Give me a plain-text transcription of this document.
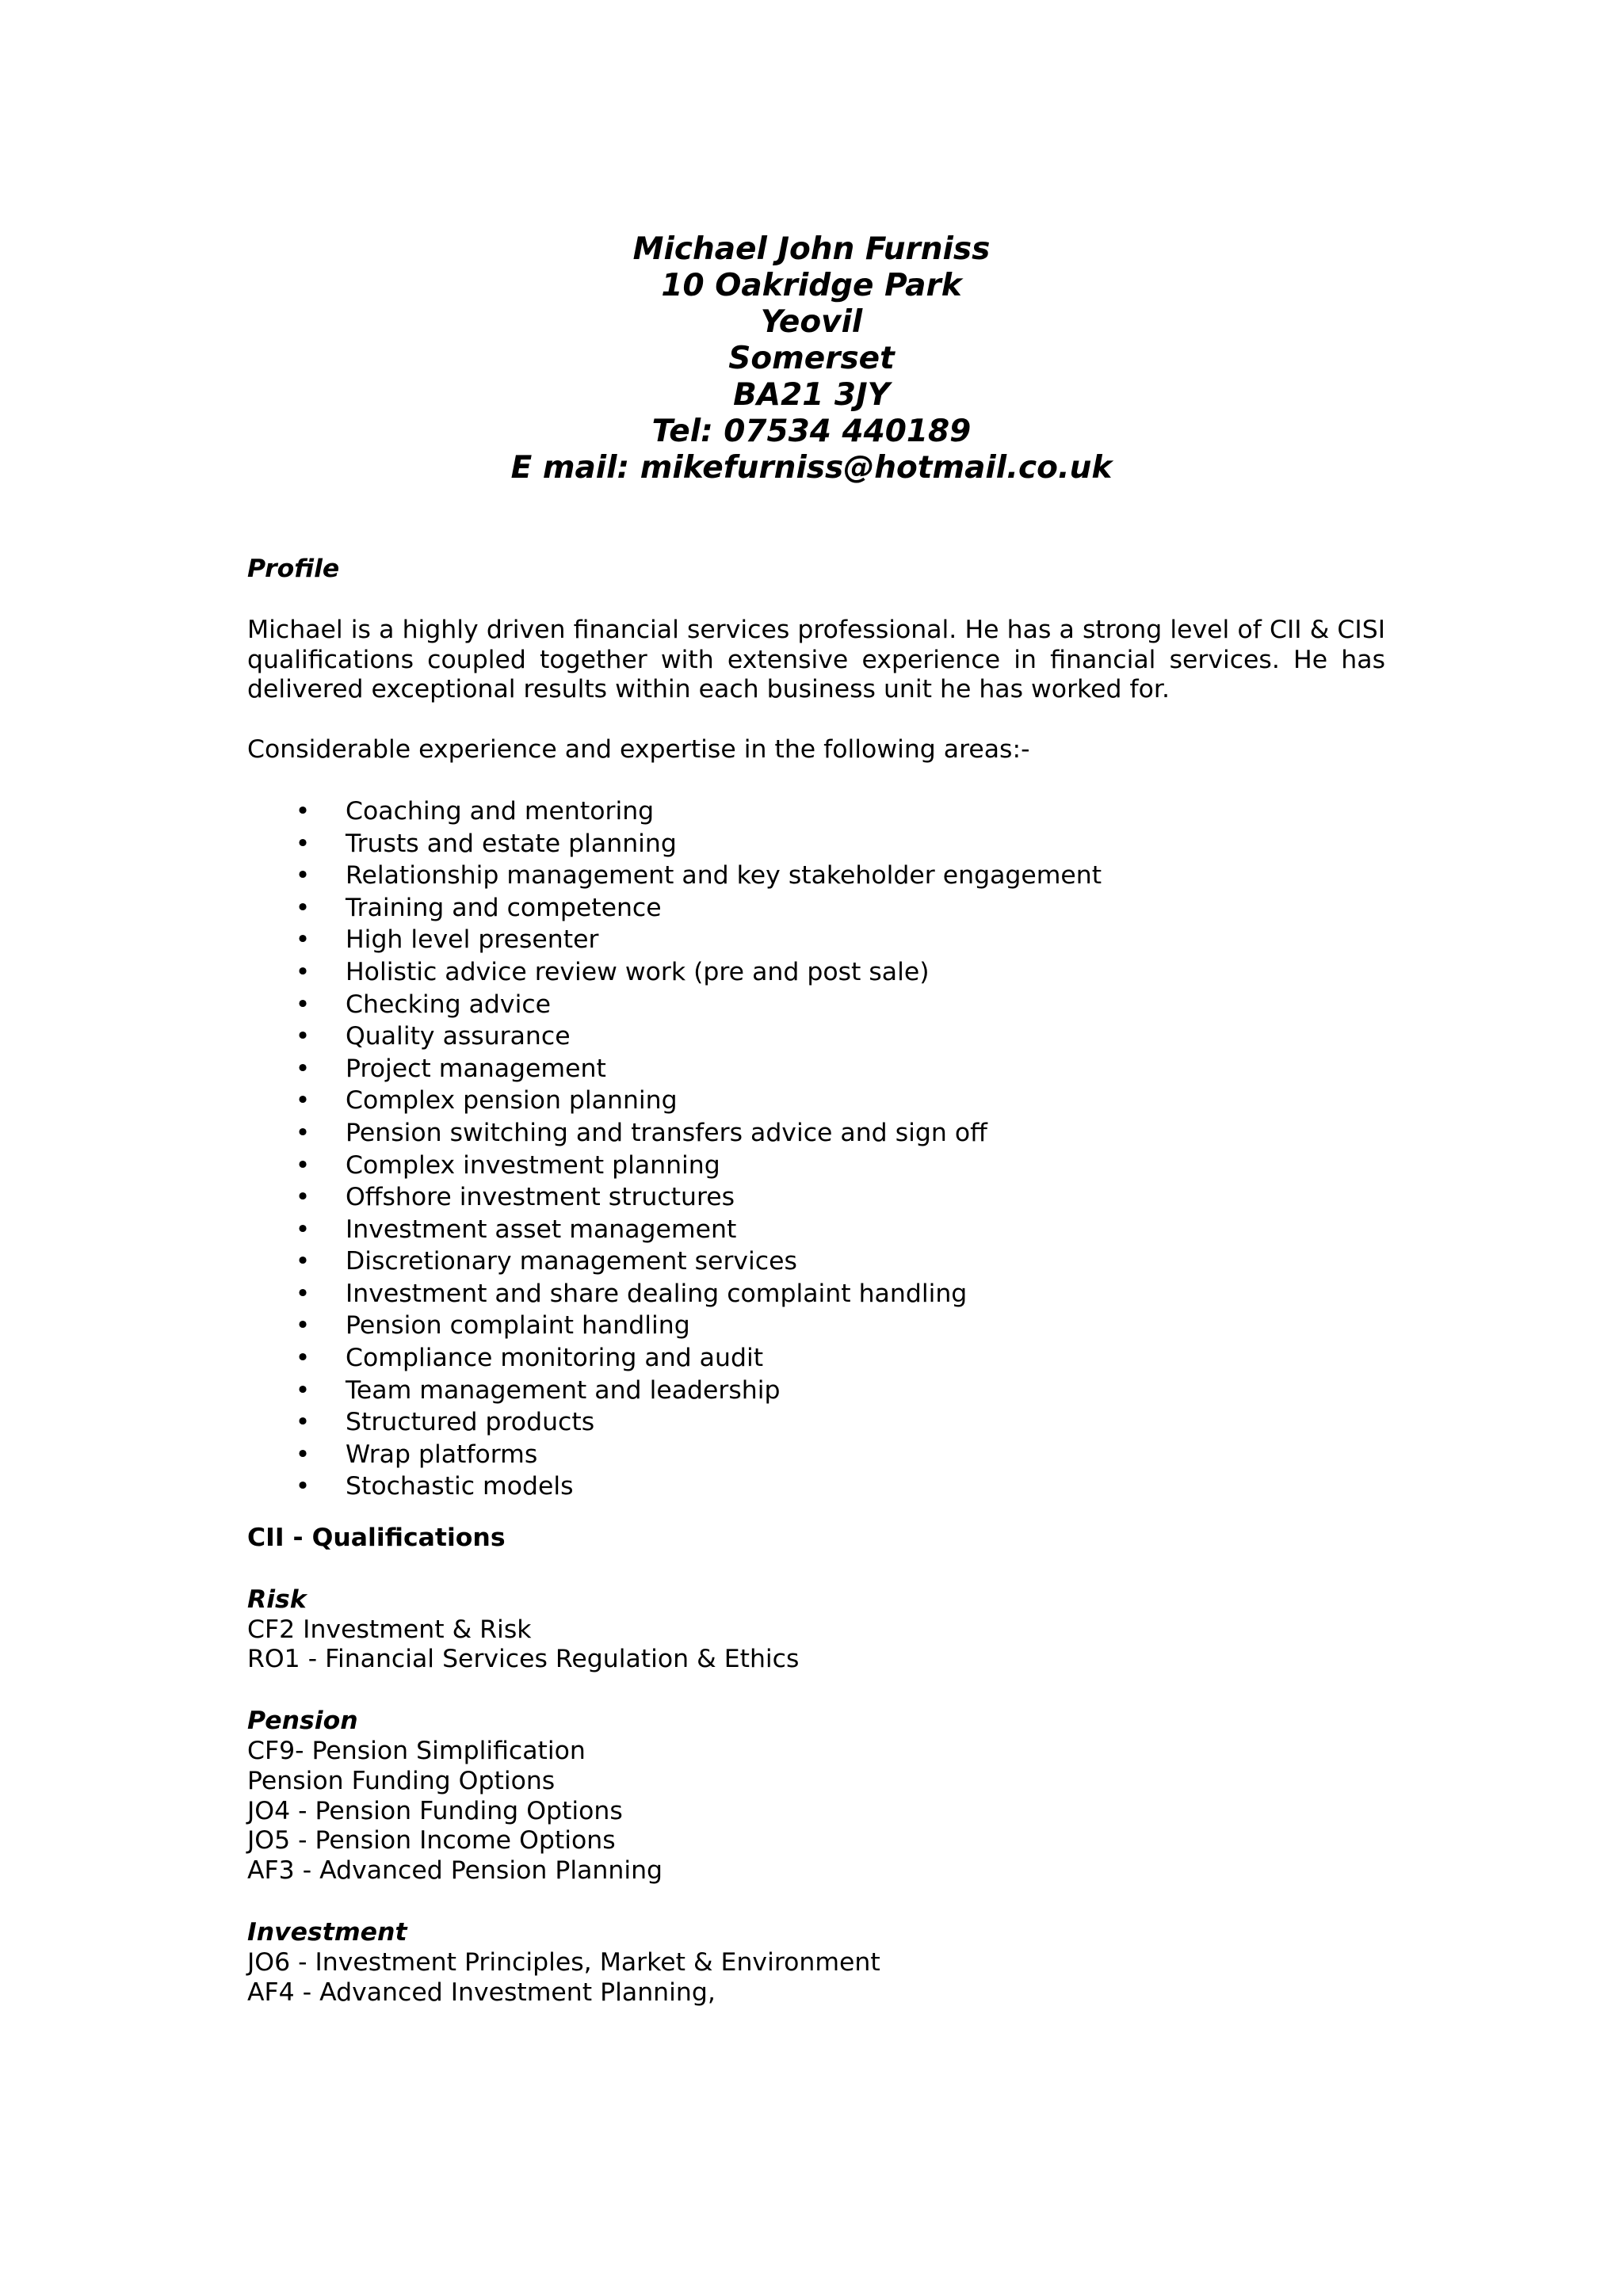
Michael John Furniss
10 Oakridge Park
Yeovil
Somerset
BA21 3JY
Tel: 07534 440189
E mail: mikefurniss@hotmail.co.uk
Profile
Michael is a highly driven financial services professional. He has a strong level of CII & CISI qualifications coupled together with extensive experience in financial services. He has delivered exceptional results within each business unit he has worked for.
Considerable experience and expertise in the following areas:-
• Coaching and mentoring
• Trusts and estate planning
• Relationship management and key stakeholder engagement
• Training and competence
• High level presenter
• Holistic advice review work (pre and post sale)
• Checking advice
• Quality assurance
• Project management
• Complex pension planning
• Pension switching and transfers advice and sign off
• Complex investment planning
• Offshore investment structures
• Investment asset management
• Discretionary management services
• Investment and share dealing complaint handling
• Pension complaint handling
• Compliance monitoring and audit
• Team management and leadership
• Structured products
• Wrap platforms
• Stochastic models
CII - Qualifications
Risk
CF2 Investment & Risk
RO1 - Financial Services Regulation & Ethics
Pension
CF9- Pension Simplification
Pension Funding Options
JO4 - Pension Funding Options
JO5 - Pension Income Options
AF3 - Advanced Pension Planning
Investment
JO6 - Investment Principles, Market & Environment
AF4 - Advanced Investment Planning,
